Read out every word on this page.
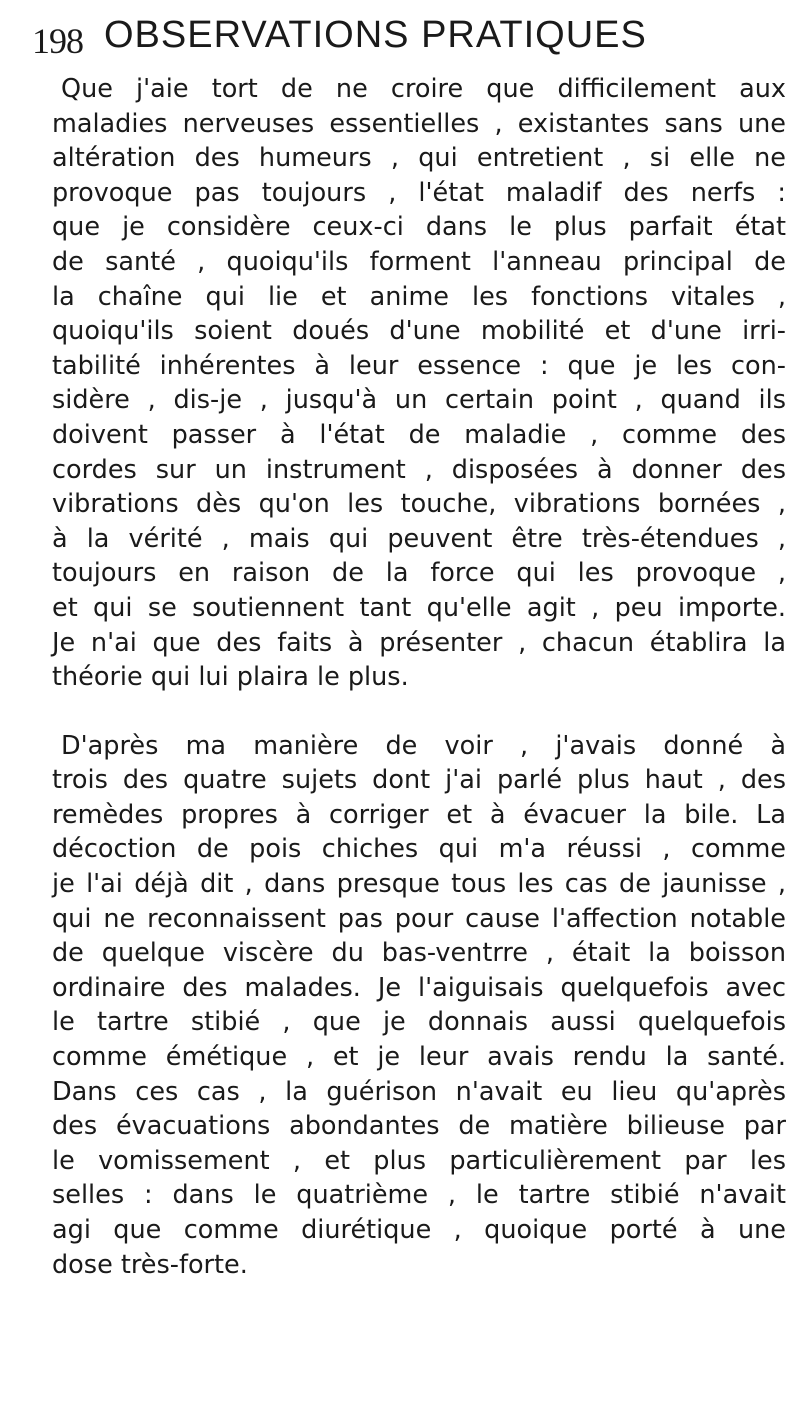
198 OBSERVATIONS PRATIQUES
Que j'aie tort de ne croire que difficilement aux
maladies nerveuses essentielles , existantes sans une
altération des humeurs , qui entretient , si elle ne
provoque pas toujours , l'état maladif des nerfs :
que je considère ceux-ci dans le plus parfait état
de santé , quoiqu'ils forment l'anneau principal de
la chaîne qui lie et anime les fonctions vitales ,
quoiqu'ils soient doués d'une mobilité et d'une irri-
tabilité inhérentes à leur essence : que je les con-
sidère , dis-je , jusqu'à un certain point , quand ils
doivent passer à l'état de maladie , comme des
cordes sur un instrument , disposées à donner des
vibrations dès qu'on les touche, vibrations bornées ,
à la vérité , mais qui peuvent être très-étendues ,
toujours en raison de la force qui les provoque ,
et qui se soutiennent tant qu'elle agit , peu importe.
Je n'ai que des faits à présenter , chacun établira la
théorie qui lui plaira le plus.
D'après ma manière de voir , j'avais donné à
trois des quatre sujets dont j'ai parlé plus haut , des
remèdes propres à corriger et à évacuer la bile. La
décoction de pois chiches qui m'a réussi , comme
je l'ai déjà dit , dans presque tous les cas de jaunisse ,
qui ne reconnaissent pas pour cause l'affection notable
de quelque viscère du bas-ventrre , était la boisson
ordinaire des malades. Je l'aiguisais quelquefois avec
le tartre stibié , que je donnais aussi quelquefois
comme émétique , et je leur avais rendu la santé.
Dans ces cas , la guérison n'avait eu lieu qu'après
des évacuations abondantes de matière bilieuse par
le vomissement , et plus particulièrement par les
selles : dans le quatrième , le tartre stibié n'avait
agi que comme diurétique , quoique porté à une
dose très-forte.
